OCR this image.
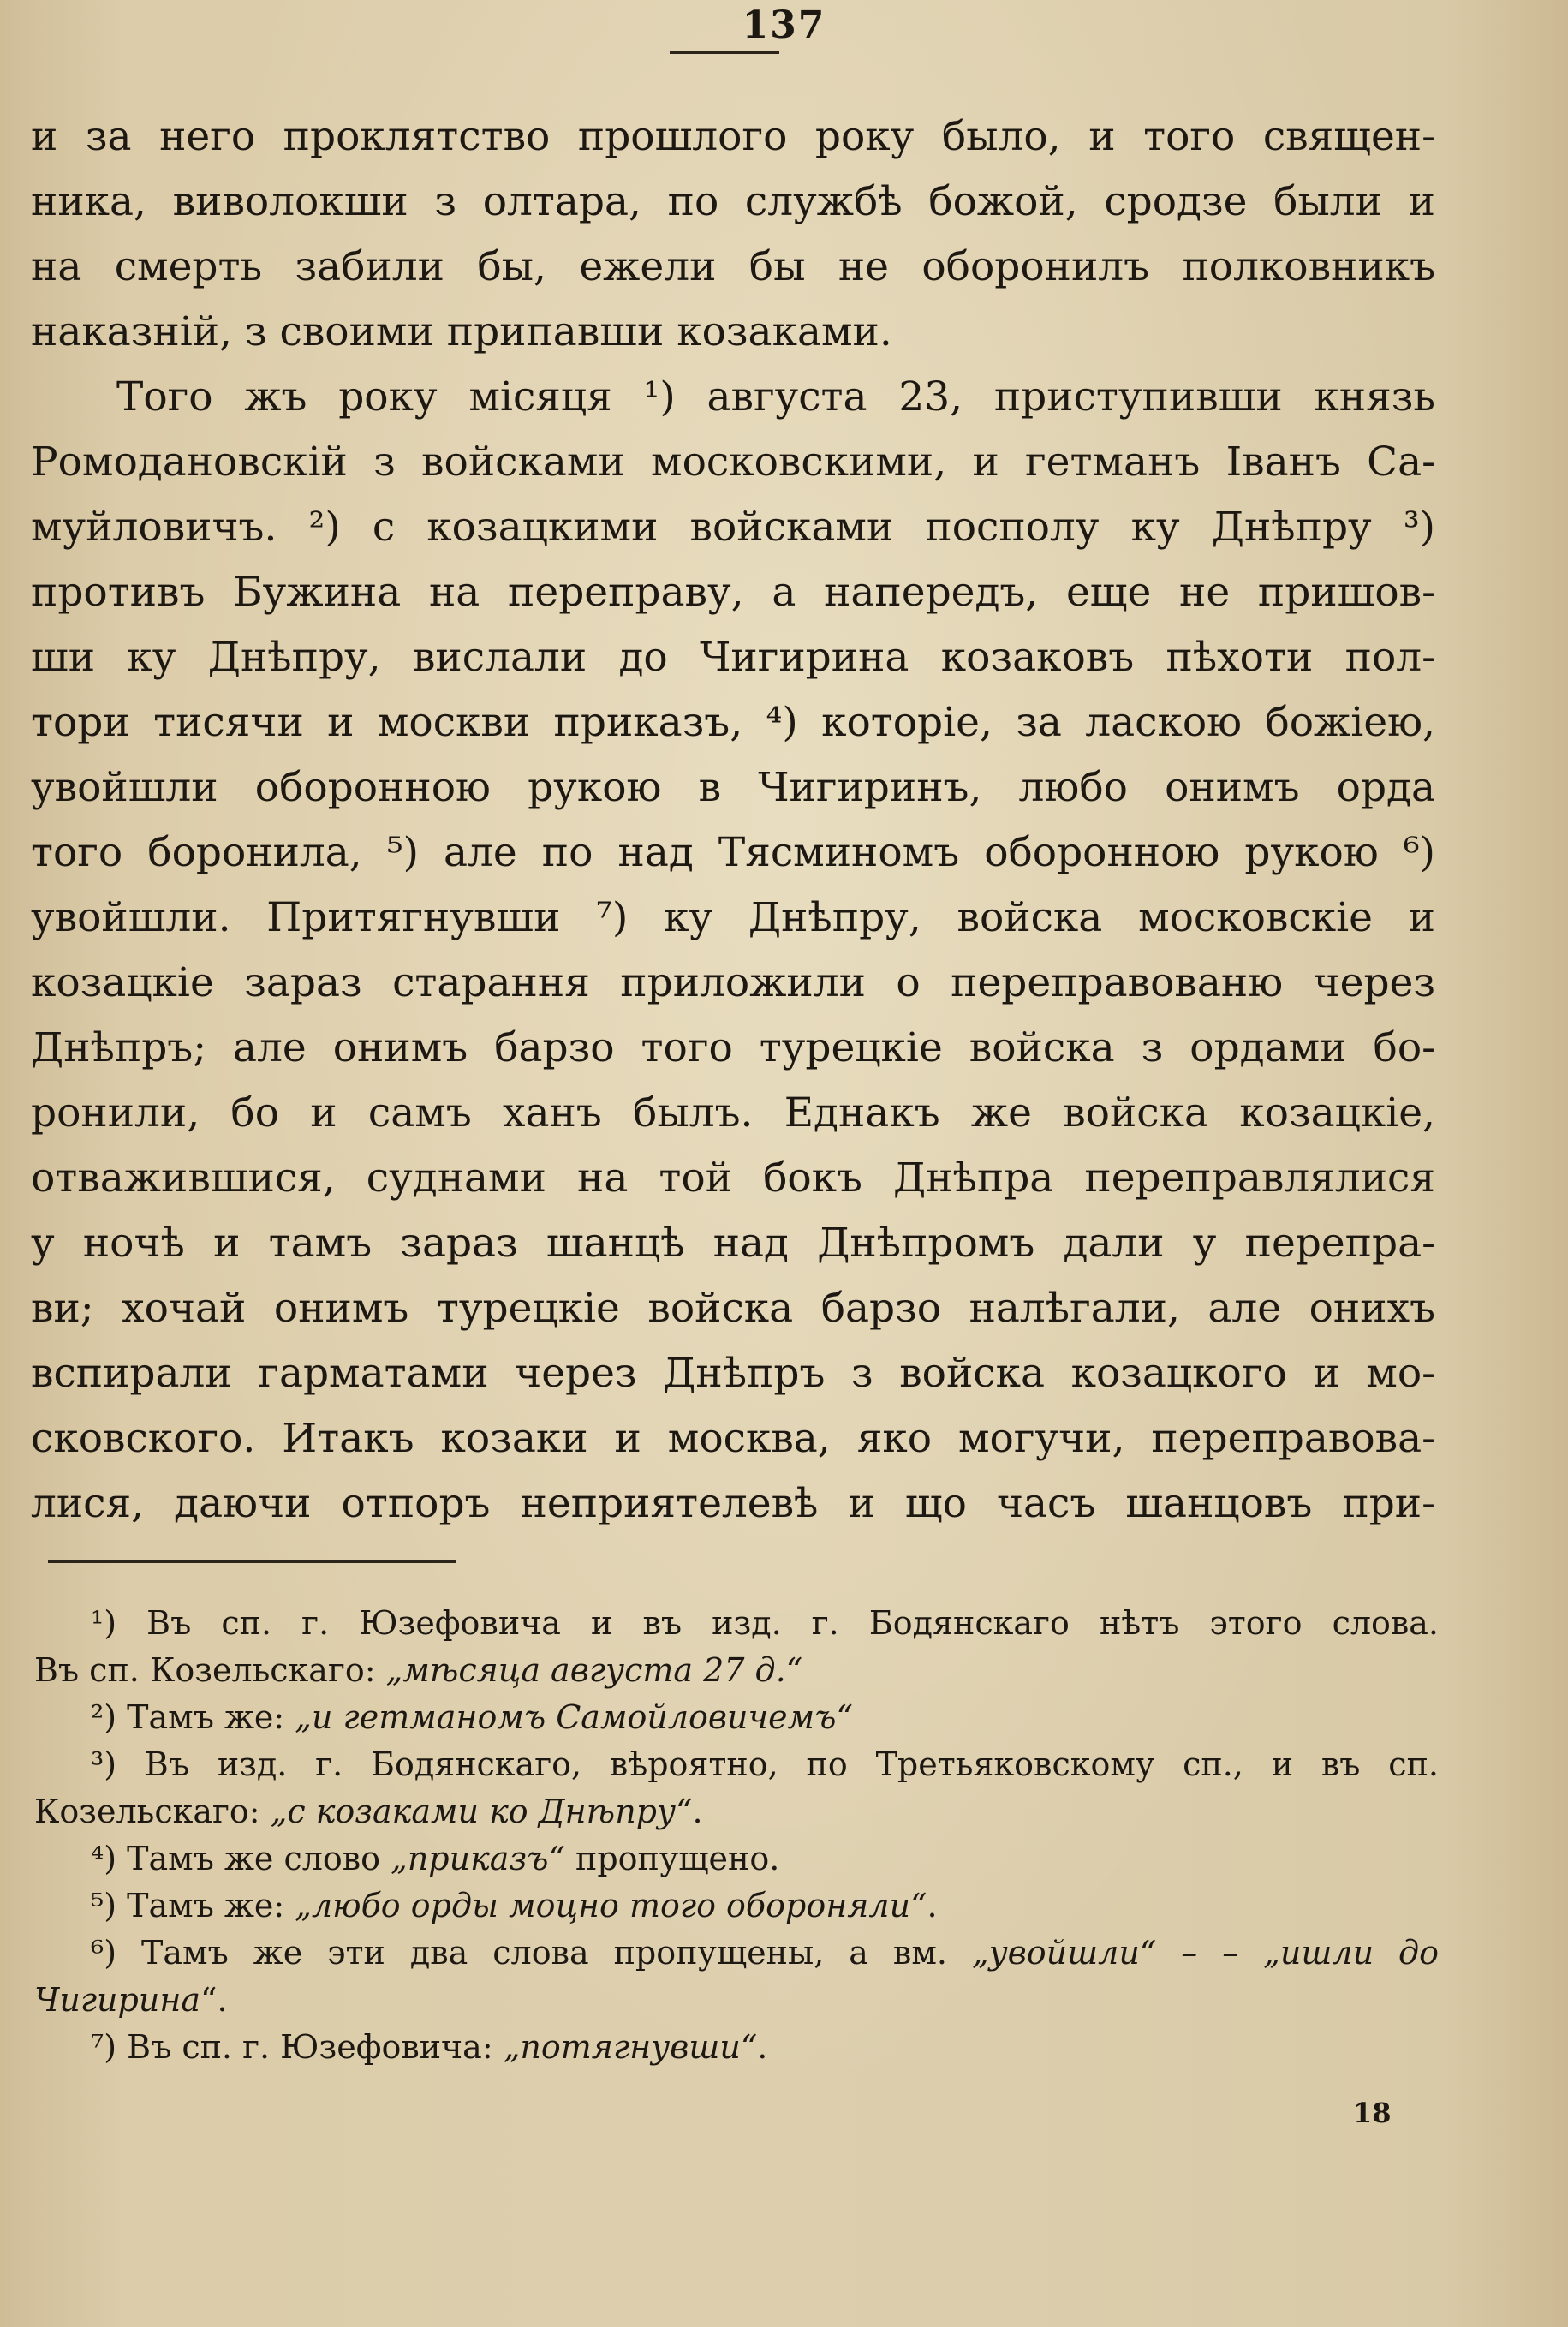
137
и за него проклятство прошлого року было, и того священ-
ника, виволокши з олтара, по службѣ божой, сродзе были и
на смерть забили бы, ежели бы не оборонилъ полковникъ
наказній, з своими припавши козаками.
Того жъ року місяця ¹) августа 23, приступивши князь
Ромодановскій з войсками московскими, и гетманъ Іванъ Са-
муйловичъ. ²) с козацкими войсками посполу ку Днѣпру ³)
противъ Бужина на переправу, а напередъ, еще не пришов-
ши ку Днѣпру, вислали до Чигирина козаковъ пѣхоти пол-
тори тисячи и москви приказъ, ⁴) которіе, за ласкою божіею,
увойшли оборонною рукою в Чигиринъ, любо онимъ орда
того боронила, ⁵) але по над Тясминомъ оборонною рукою ⁶)
увойшли. Притягнувши ⁷) ку Днѣпру, войска московскіе и
козацкіе зараз старання приложили о переправованю через
Днѣпръ; але онимъ барзо того турецкіе войска з ордами бо-
ронили, бо и самъ ханъ былъ. Еднакъ же войска козацкіе,
отважившися, суднами на той бокъ Днѣпра переправлялися
у ночѣ и тамъ зараз шанцѣ над Днѣпромъ дали у перепра-
ви; хочай онимъ турецкіе войска барзо налѣгали, але онихъ
вспирали гарматами через Днѣпръ з войска козацкого и мо-
сковского. Итакъ козаки и москва, яко могучи, переправова-
лися, даючи отпоръ неприятелевѣ и що часъ шанцовъ при-
¹) Въ сп. г. Юзефовича и въ изд. г. Бодянскаго нѣтъ этого слова.
Въ сп. Козельскаго: „мѣсяца августа 27 д.“
²) Тамъ же: „и гетманомъ Самойловичемъ“
³) Въ изд. г. Бодянскаго, вѣроятно, по Третьяковскому сп., и въ сп.
Козельскаго: „с козаками ко Днѣпру“.
⁴) Тамъ же слово „приказъ“ пропущено.
⁵) Тамъ же: „любо орды моцно того обороняли“.
⁶) Тамъ же эти два слова пропущены, а вм. „увойшли“ – – „ишли до
Чигирина“.
⁷) Въ сп. г. Юзефовича: „потягнувши“.
18
